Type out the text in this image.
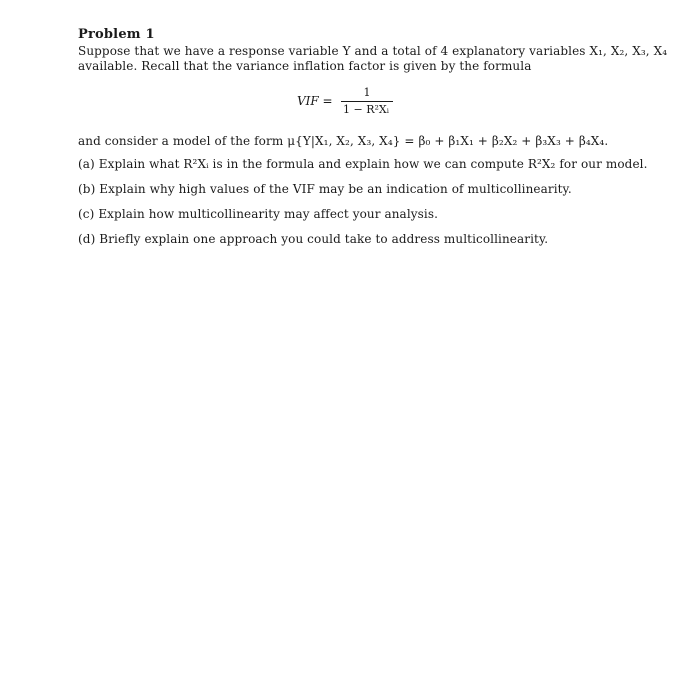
Problem 1
Suppose that we have a response variable Y and a total of 4 explanatory variables X₁, X₂, X₃, X₄
available. Recall that the variance inflation factor is given by the formula
VIF =
1
1 − R²Xᵢ
and consider a model of the form μ{Y|X₁, X₂, X₃, X₄} = β₀ + β₁X₁ + β₂X₂ + β₃X₃ + β₄X₄.
(a) Explain what R²Xᵢ is in the formula and explain how we can compute R²X₂ for our model.
(b) Explain why high values of the VIF may be an indication of multicollinearity.
(c) Explain how multicollinearity may affect your analysis.
(d) Briefly explain one approach you could take to address multicollinearity.
